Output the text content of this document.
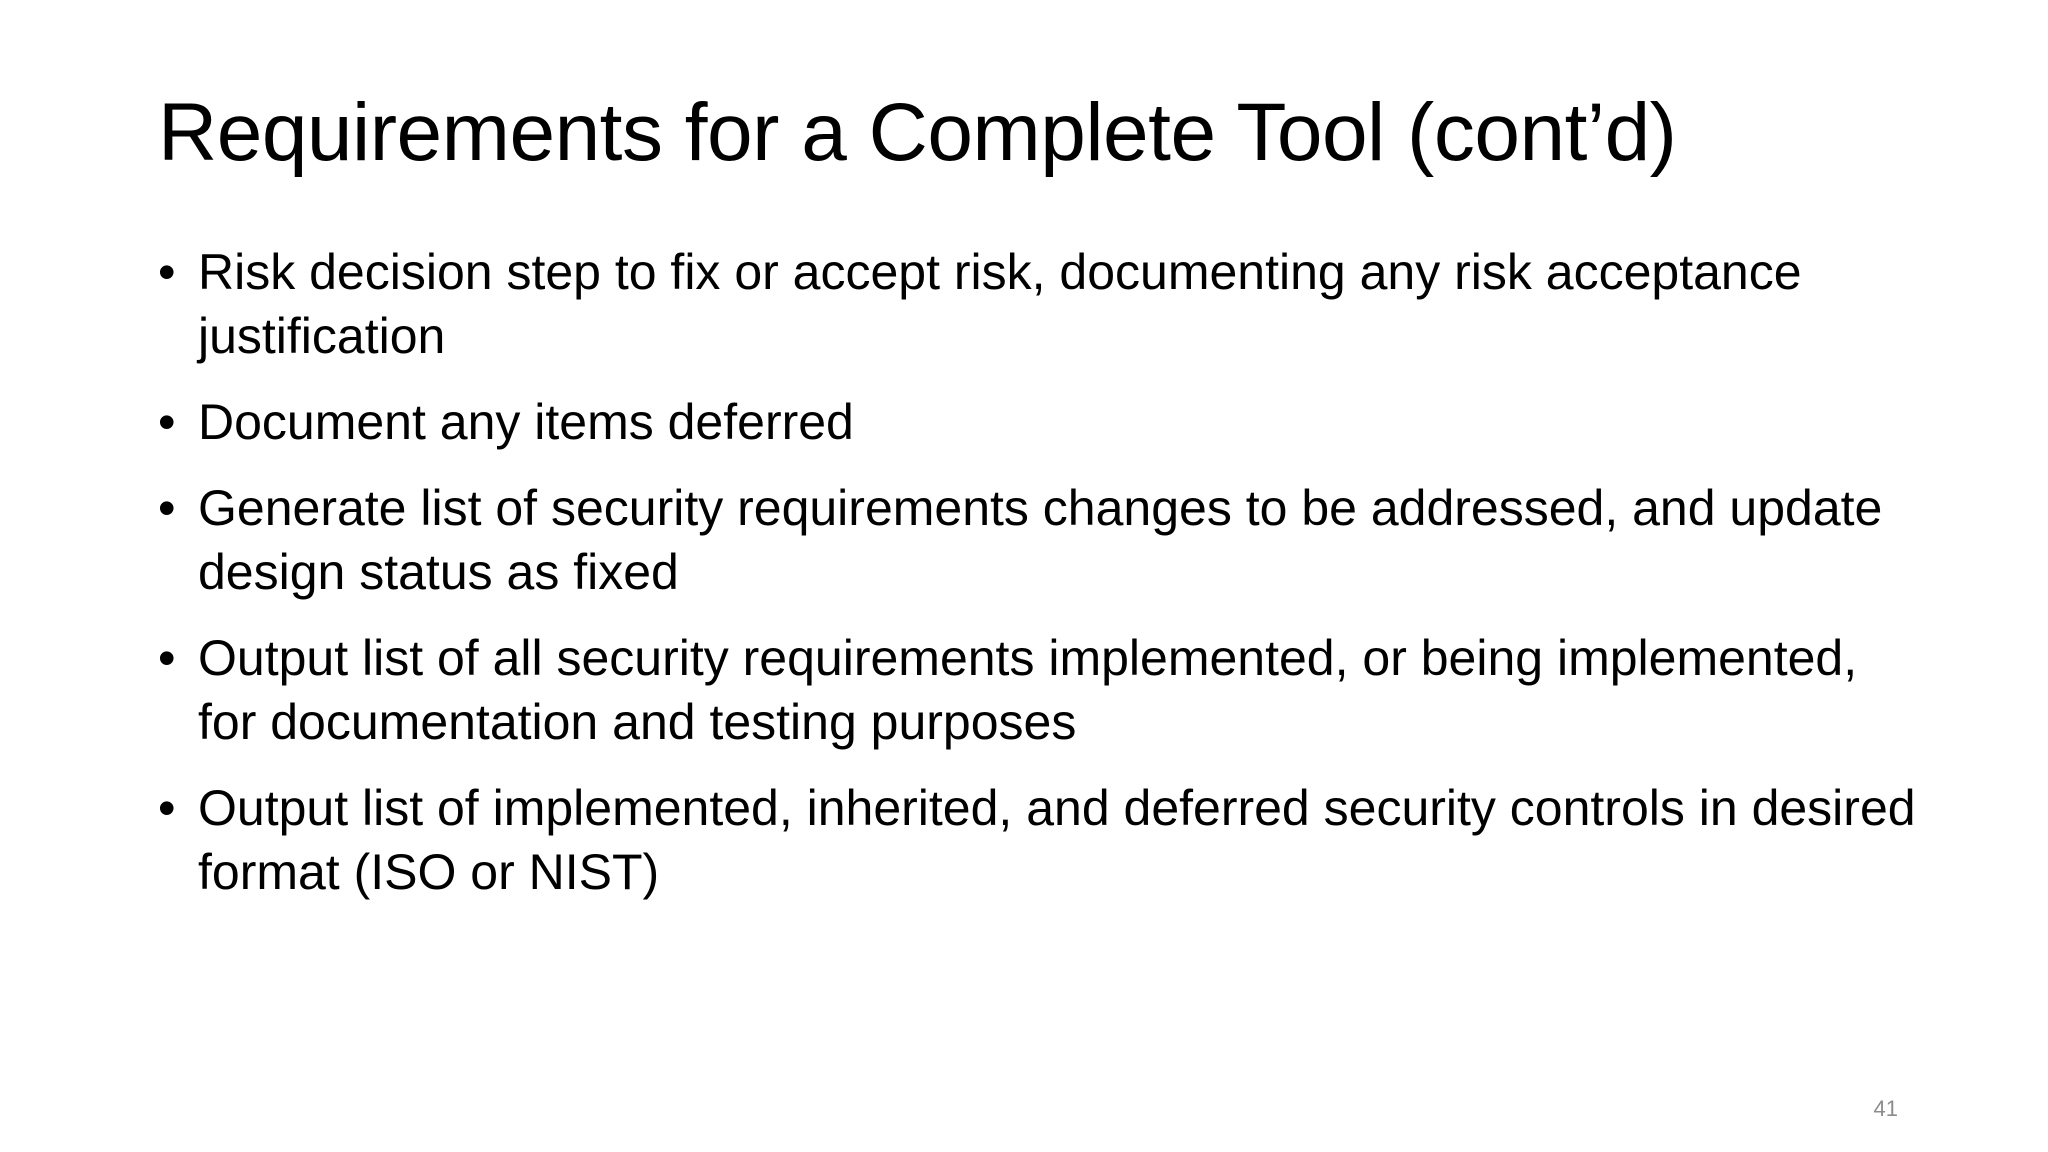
Requirements for a Complete Tool (cont’d)
• Risk decision step to fix or accept risk, documenting any risk acceptance justification
• Document any items deferred
• Generate list of security requirements changes to be addressed, and update design status as fixed
• Output list of all security requirements implemented, or being implemented, for documentation and testing purposes
• Output list of implemented, inherited, and deferred security controls in desired format (ISO or NIST)
41
